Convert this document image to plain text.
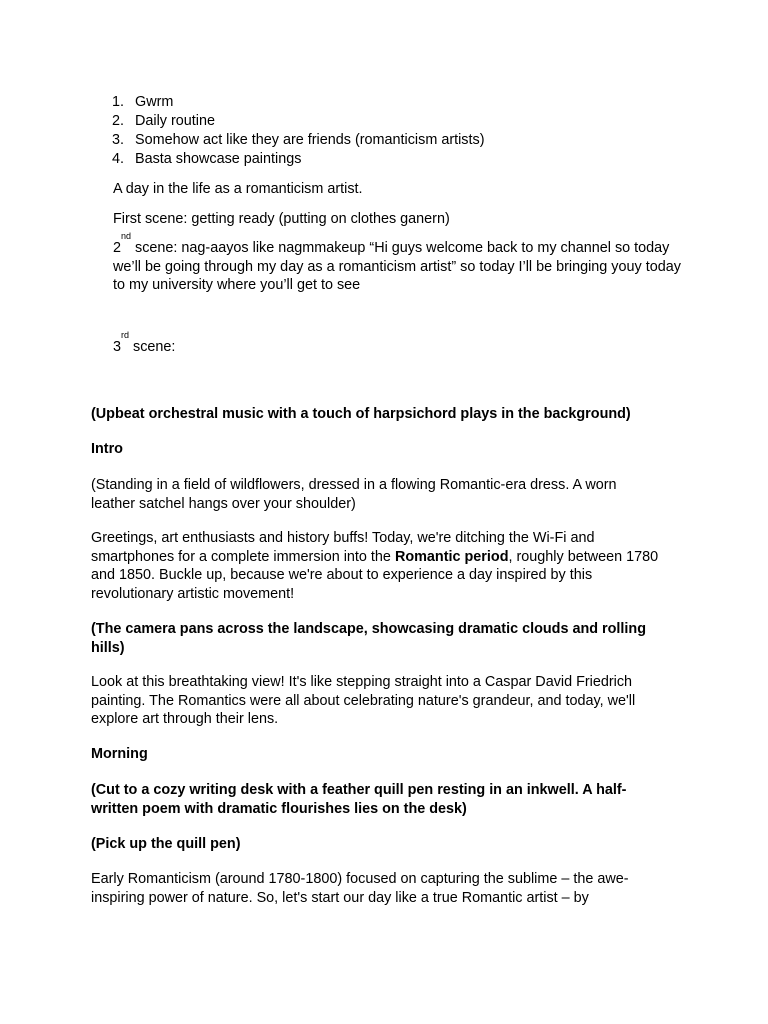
1. Gwrm
2. Daily routine
3. Somehow act like they are friends (romanticism artists)
4. Basta showcase paintings

A day in the life as a romanticism artist.

First scene: getting ready (putting on clothes ganern)

2nd scene: nag-aayos like nagmmakeup “Hi guys welcome back to my channel so today we’ll be going through my day as a romanticism artist” so today I’ll be bringing youy today to my university where you’ll get to see

3rd scene:

(Upbeat orchestral music with a touch of harpsichord plays in the background)

Intro

(Standing in a field of wildflowers, dressed in a flowing Romantic-era dress. A worn leather satchel hangs over your shoulder)

Greetings, art enthusiasts and history buffs! Today, we're ditching the Wi-Fi and smartphones for a complete immersion into the Romantic period, roughly between 1780 and 1850. Buckle up, because we're about to experience a day inspired by this revolutionary artistic movement!

(The camera pans across the landscape, showcasing dramatic clouds and rolling hills)

Look at this breathtaking view! It's like stepping straight into a Caspar David Friedrich painting. The Romantics were all about celebrating nature's grandeur, and today, we'll explore art through their lens.

Morning

(Cut to a cozy writing desk with a feather quill pen resting in an inkwell. A half-written poem with dramatic flourishes lies on the desk)

(Pick up the quill pen)

Early Romanticism (around 1780-1800) focused on capturing the sublime – the awe-inspiring power of nature. So, let's start our day like a true Romantic artist – by
